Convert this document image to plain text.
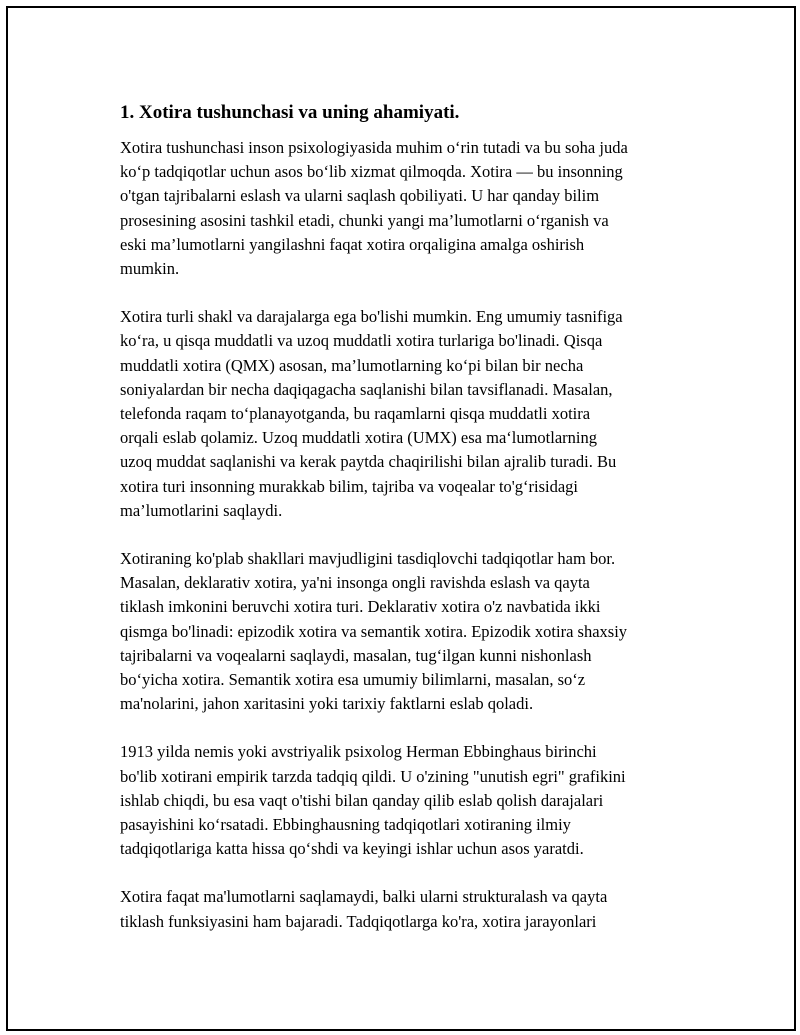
1. Xotira tushunchasi va uning ahamiyati.
Xotira tushunchasi inson psixologiyasida muhim o‘rin tutadi va bu soha juda
ko‘p tadqiqotlar uchun asos bo‘lib xizmat qilmoqda. Xotira — bu insonning
o'tgan tajribalarni eslash va ularni saqlash qobiliyati. U har qanday bilim
prosesining asosini tashkil etadi, chunki yangi ma’lumotlarni o‘rganish va
eski ma’lumotlarni yangilashni faqat xotira orqaligina amalga oshirish
mumkin.
Xotira turli shakl va darajalarga ega bo'lishi mumkin. Eng umumiy tasnifiga
ko‘ra, u qisqa muddatli va uzoq muddatli xotira turlariga bo'linadi. Qisqa
muddatli xotira (QMX) asosan, ma’lumotlarning ko‘pi bilan bir necha
soniyalardan bir necha daqiqagacha saqlanishi bilan tavsiflanadi. Masalan,
telefonda raqam to‘planayotganda, bu raqamlarni qisqa muddatli xotira
orqali eslab qolamiz. Uzoq muddatli xotira (UMX) esa ma‘lumotlarning
uzoq muddat saqlanishi va kerak paytda chaqirilishi bilan ajralib turadi. Bu
xotira turi insonning murakkab bilim, tajriba va voqealar to'g‘risidagi
ma’lumotlarini saqlaydi.
Xotiraning ko'plab shakllari mavjudligini tasdiqlovchi tadqiqotlar ham bor.
Masalan, deklarativ xotira, ya'ni insonga ongli ravishda eslash va qayta
tiklash imkonini beruvchi xotira turi. Deklarativ xotira o'z navbatida ikki
qismga bo'linadi: epizodik xotira va semantik xotira. Epizodik xotira shaxsiy
tajribalarni va voqealarni saqlaydi, masalan, tug‘ilgan kunni nishonlash
bo‘yicha xotira. Semantik xotira esa umumiy bilimlarni, masalan, so‘z
ma'nolarini, jahon xaritasini yoki tarixiy faktlarni eslab qoladi.
1913 yilda nemis yoki avstriyalik psixolog Herman Ebbinghaus birinchi
bo'lib xotirani empirik tarzda tadqiq qildi. U o'zining "unutish egri" grafikini
ishlab chiqdi, bu esa vaqt o'tishi bilan qanday qilib eslab qolish darajalari
pasayishini ko‘rsatadi. Ebbinghausning tadqiqotlari xotiraning ilmiy
tadqiqotlariga katta hissa qo‘shdi va keyingi ishlar uchun asos yaratdi.
Xotira faqat ma'lumotlarni saqlamaydi, balki ularni strukturalash va qayta
tiklash funksiyasini ham bajaradi. Tadqiqotlarga ko'ra, xotira jarayonlari
